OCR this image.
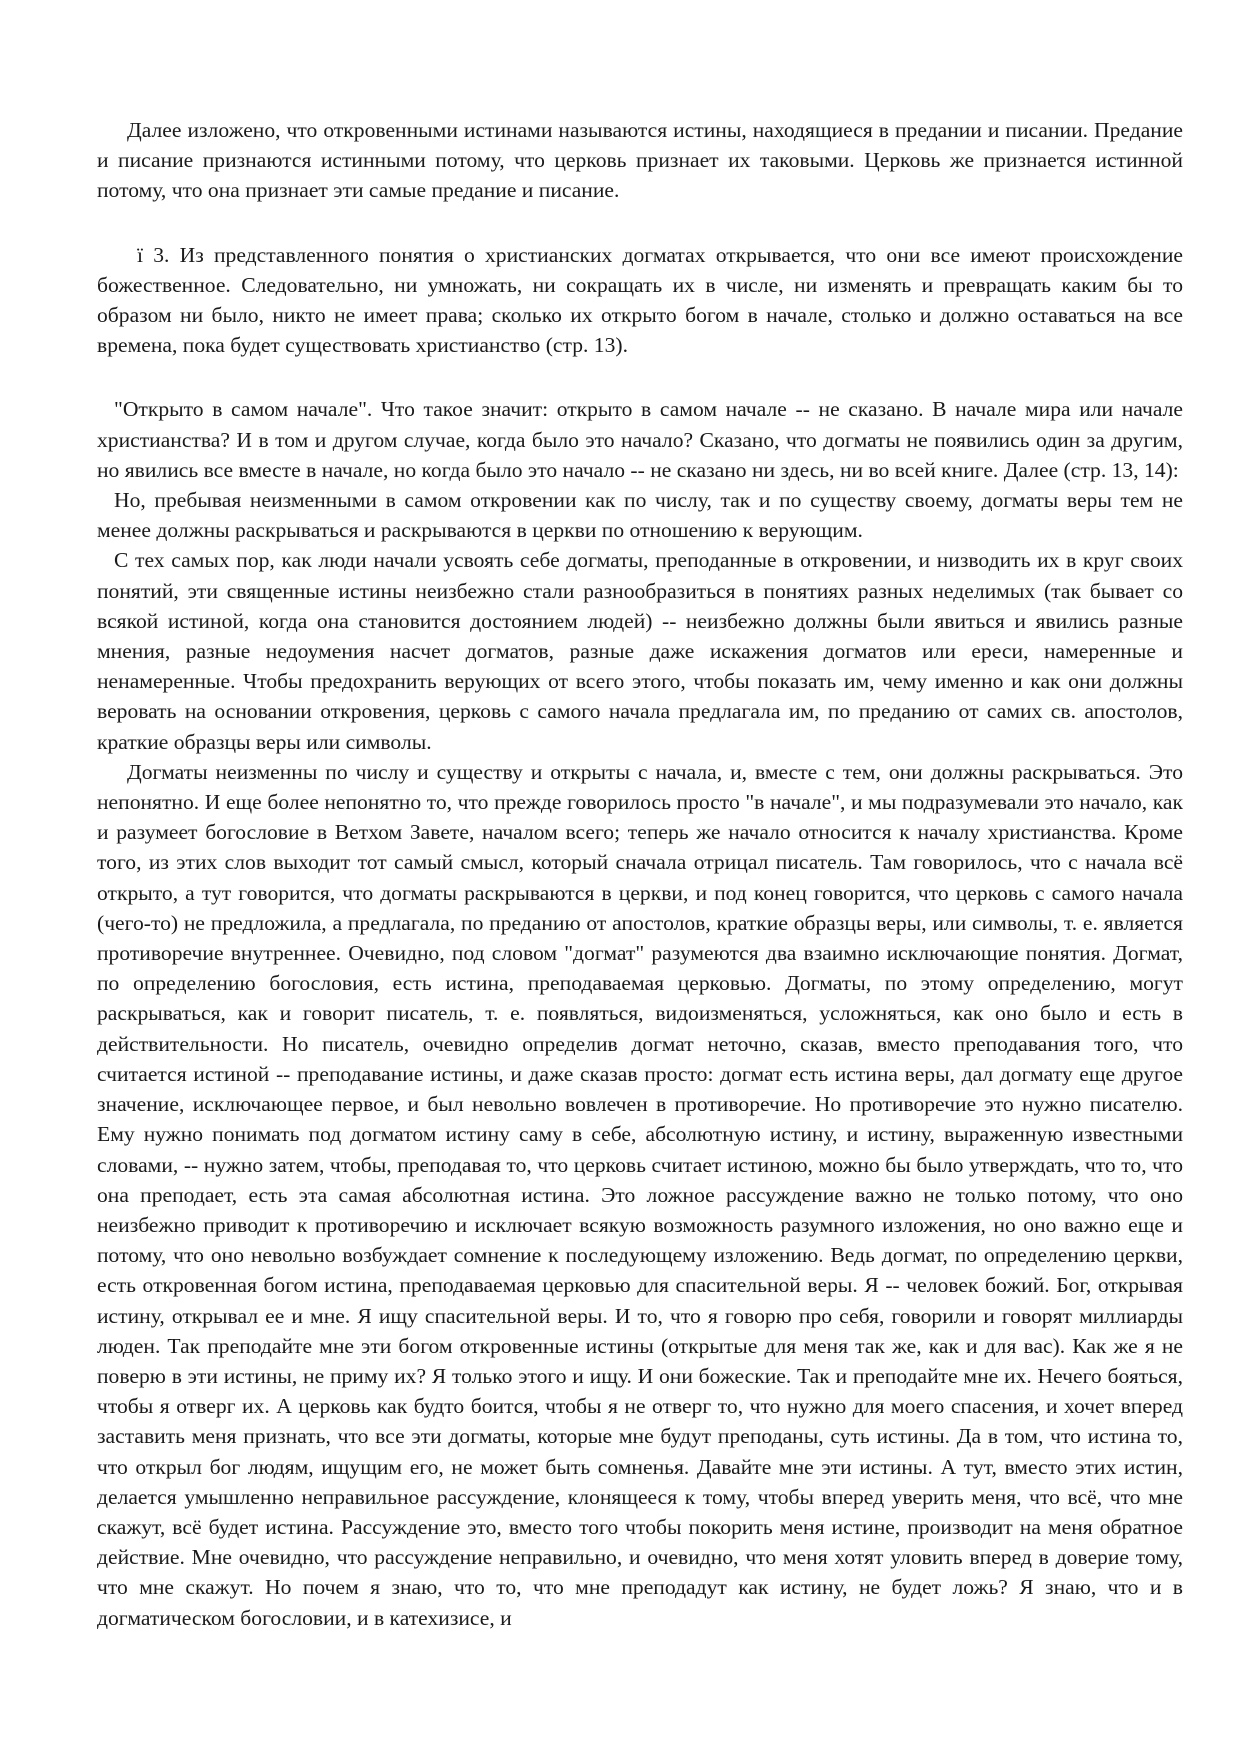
Далее изложено, что откровенными истинами называются истины, находящиеся в предании и писании. Предание и писание признаются истинными потому, что церковь признает их таковыми. Церковь же признается истинной потому, что она признает эти самые предание и писание.

ї 3. Из представленного понятия о христианских догматах открывается, что они все имеют происхождение божественное. Следовательно, ни умножать, ни сокращать их в числе, ни изменять и превращать каким бы то образом ни было, никто не имеет права; сколько их открыто богом в начале, столько и должно оставаться на все времена, пока будет существовать христианство (стр. 13).

"Открыто в самом начале". Что такое значит: открыто в самом начале -- не сказано. В начале мира или начале христианства? И в том и другом случае, когда было это начало? Сказано, что догматы не появились один за другим, но явились все вместе в начале, но когда было это начало -- не сказано ни здесь, ни во всей книге. Далее (стр. 13, 14):

Но, пребывая неизменными в самом откровении как по числу, так и по существу своему, догматы веры тем не менее должны раскрываться и раскрываются в церкви по отношению к верующим.

С тех самых пор, как люди начали усвоять себе догматы, преподанные в откровении, и низводить их в круг своих понятий, эти священные истины неизбежно стали разнообразиться в понятиях разных неделимых (так бывает со всякой истиной, когда она становится достоянием людей) -- неизбежно должны были явиться и явились разные мнения, разные недоумения насчет догматов, разные даже искажения догматов или ереси, намеренные и ненамеренные. Чтобы предохранить верующих от всего этого, чтобы показать им, чему именно и как они должны веровать на основании откровения, церковь с самого начала предлагала им, по преданию от самих св. апостолов, краткие образцы веры или символы.

Догматы неизменны по числу и существу и открыты с начала, и, вместе с тем, они должны раскрываться. Это непонятно. И еще более непонятно то, что прежде говорилось просто "в начале", и мы подразумевали это начало, как и разумеет богословие в Ветхом Завете, началом всего; теперь же начало относится к началу христианства. Кроме того, из этих слов выходит тот самый смысл, который сначала отрицал писатель. Там говорилось, что с начала всё открыто, а тут говорится, что догматы раскрываются в церкви, и под конец говорится, что церковь с самого начала (чего-то) не предложила, а предлагала, по преданию от апостолов, краткие образцы веры, или символы, т. е. является противоречие внутреннее. Очевидно, под словом "догмат" разумеются два взаимно исключающие понятия. Догмат, по определению богословия, есть истина, преподаваемая церковью. Догматы, по этому определению, могут раскрываться, как и говорит писатель, т. е. появляться, видоизменяться, усложняться, как оно было и есть в действительности. Но писатель, очевидно определив догмат неточно, сказав, вместо преподавания того, что считается истиной -- преподавание истины, и даже сказав просто: догмат есть истина веры, дал догмату еще другое значение, исключающее первое, и был невольно вовлечен в противоречие. Но противоречие это нужно писателю. Ему нужно понимать под догматом истину саму в себе, абсолютную истину, и истину, выраженную известными словами, -- нужно затем, чтобы, преподавая то, что церковь считает истиною, можно бы было утверждать, что то, что она преподает, есть эта самая абсолютная истина. Это ложное рассуждение важно не только потому, что оно неизбежно приводит к противоречию и исключает всякую возможность разумного изложения, но оно важно еще и потому, что оно невольно возбуждает сомнение к последующему изложению. Ведь догмат, по определению церкви, есть откровенная богом истина, преподаваемая церковью для спасительной веры. Я -- человек божий. Бог, открывая истину, открывал ее и мне. Я ищу спасительной веры. И то, что я говорю про себя, говорили и говорят миллиарды люден. Так преподайте мне эти богом откровенные истины (открытые для меня так же, как и для вас). Как же я не поверю в эти истины, не приму их? Я только этого и ищу. И они божеские. Так и преподайте мне их. Нечего бояться, чтобы я отверг их. А церковь как будто боится, чтобы я не отверг то, что нужно для моего спасения, и хочет вперед заставить меня признать, что все эти догматы, которые мне будут преподаны, суть истины. Да в том, что истина то, что открыл бог людям, ищущим его, не может быть сомненья. Давайте мне эти истины. А тут, вместо этих истин, делается умышленно неправильное рассуждение, клонящееся к тому, чтобы вперед уверить меня, что всё, что мне скажут, всё будет истина. Рассуждение это, вместо того чтобы покорить меня истине, производит на меня обратное действие. Мне очевидно, что рассуждение неправильно, и очевидно, что меня хотят уловить вперед в доверие тому, что мне скажут. Но почем я знаю, что то, что мне преподадут как истину, не будет ложь? Я знаю, что и в догматическом богословии, и в катехизисе, и
